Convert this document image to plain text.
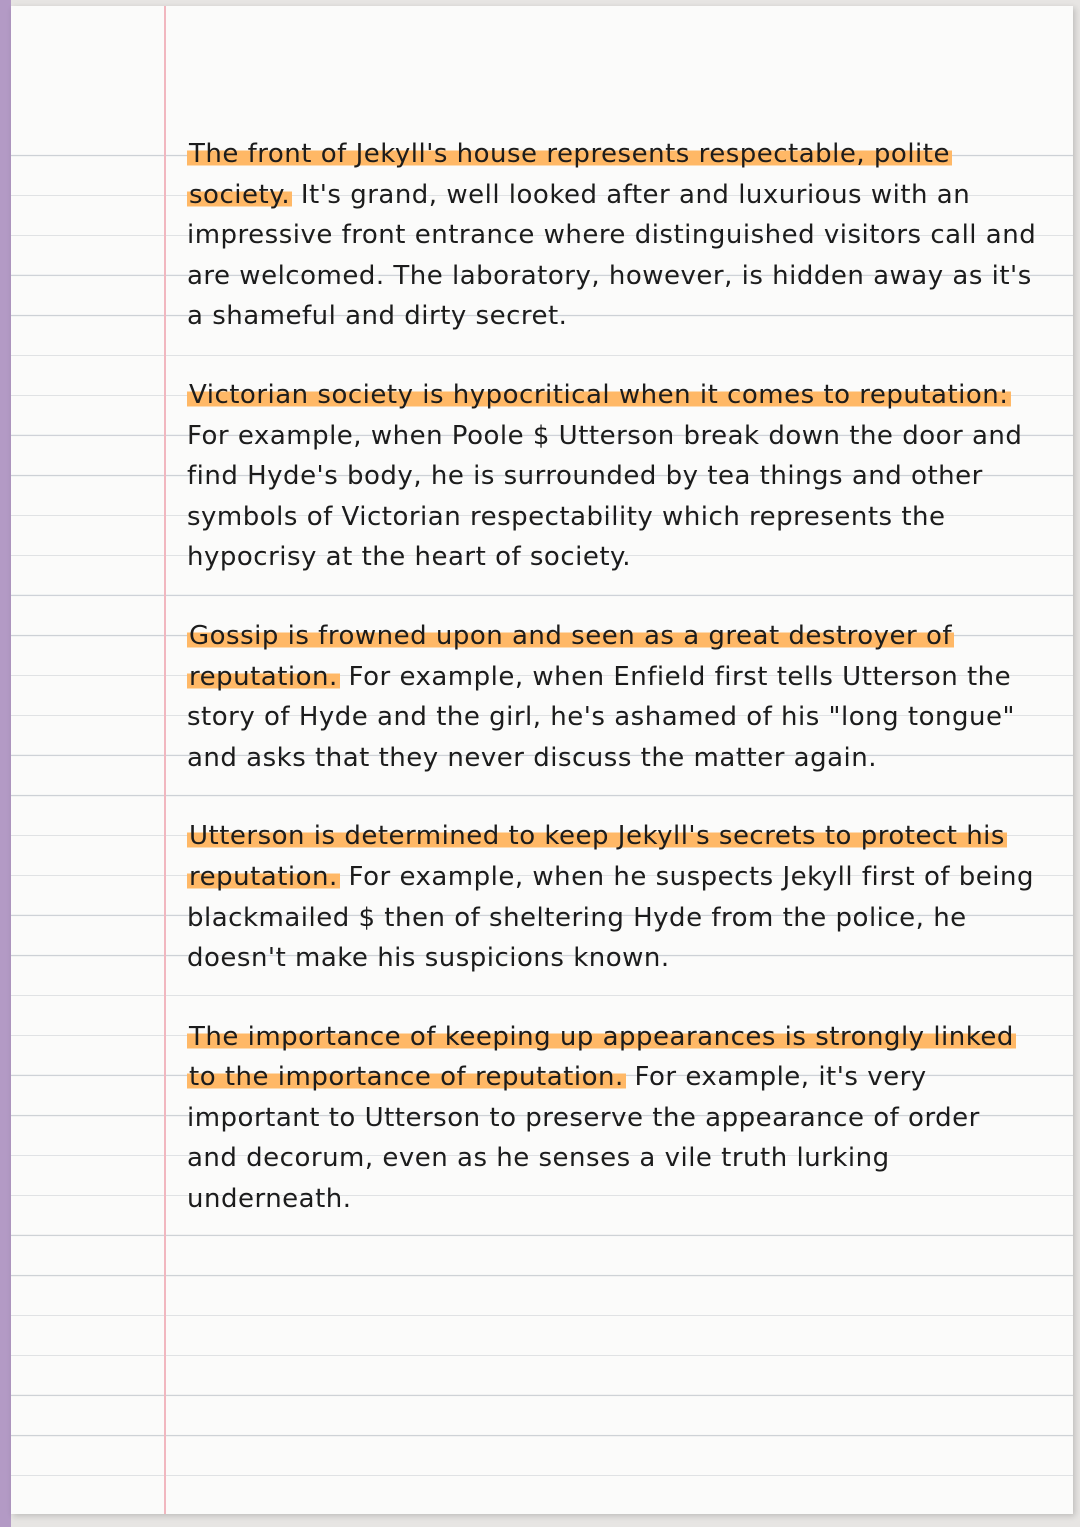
The front of Jekyll's house represents respectable, polite society. It's grand, well looked after and luxurious with an impressive front entrance where distinguished visitors call and are welcomed. The laboratory, however, is hidden away as it's a shameful and dirty secret.

Victorian society is hypocritical when it comes to reputation: For example, when Poole $ Utterson break down the door and find Hyde's body, he is surrounded by tea things and other symbols of Victorian respectability which represents the hypocrisy at the heart of society.

Gossip is frowned upon and seen as a great destroyer of reputation. For example, when Enfield first tells Utterson the story of Hyde and the girl, he's ashamed of his "long tongue" and asks that they never discuss the matter again.

Utterson is determined to keep Jekyll's secrets to protect his reputation. For example, when he suspects Jekyll first of being blackmailed $ then of sheltering Hyde from the police, he doesn't make his suspicions known.

The importance of keeping up appearances is strongly linked to the importance of reputation. For example, it's very important to Utterson to preserve the appearance of order and decorum, even as he senses a vile truth lurking underneath.
